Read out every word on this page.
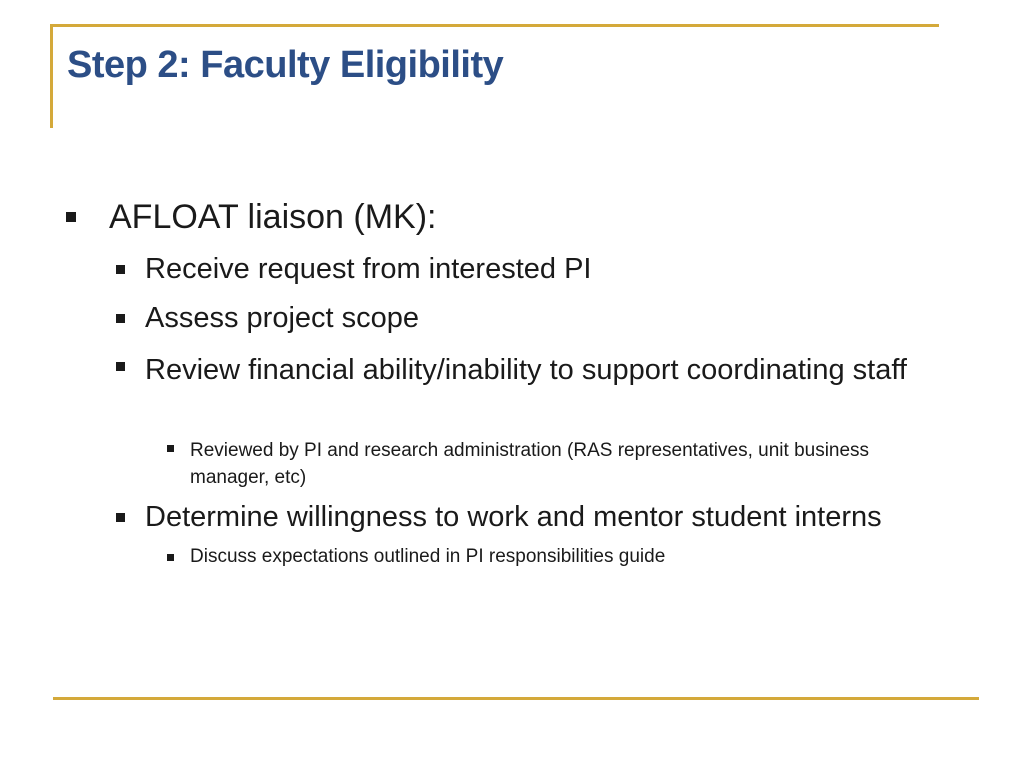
Step 2: Faculty Eligibility
AFLOAT liaison (MK):
Receive request from interested PI
Assess project scope
Review financial ability/inability to support coordinating staff
Reviewed by PI and research administration (RAS representatives, unit business manager, etc)
Determine willingness to work and mentor student interns
Discuss expectations outlined in PI responsibilities guide
